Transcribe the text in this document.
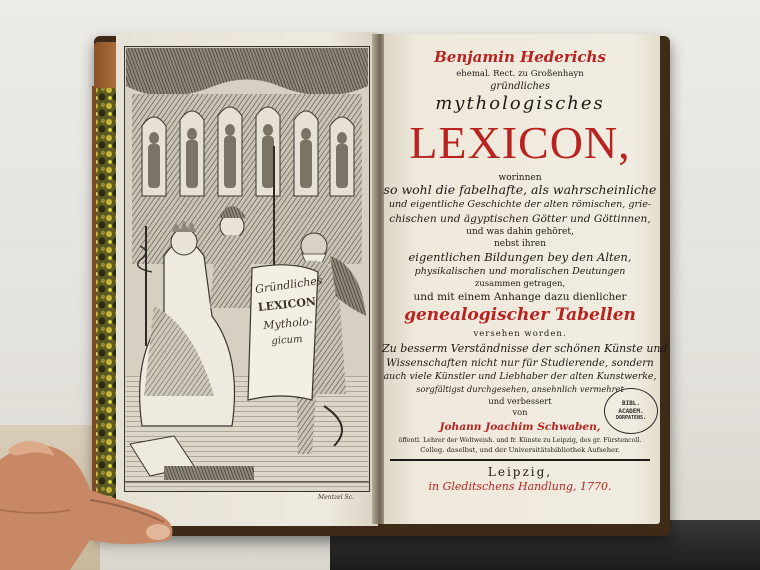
Gründliches
LEXICON
Mytholo-
gicum
Mentzel Sc.
Benjamin Hederichs
ehemal. Rect. zu Großenhayn
gründliches
mythologisches
LEXICON,
worinnen
so wohl die fabelhafte, als wahrscheinliche
und eigentliche Geschichte der alten römischen, grie-
chischen und ägyptischen Götter und Göttinnen,
und was dahin gehöret,
nebst ihren
eigentlichen Bildungen bey den Alten,
physikalischen und moralischen Deutungen
zusammen getragen,
und mit einem Anhange dazu dienlicher
genealogischer Tabellen
versehen worden.
Zu besserm Verständnisse der schönen Künste und
Wissenschaften nicht nur für Studierende, sondern
auch viele Künstler und Liebhaber der alten Kunstwerke,
sorgfältigst durchgesehen, ansehnlich vermehret
und verbessert
von
Johann Joachim Schwaben,
öffentl. Lehrer der Weltweish. und fr. Künste zu Leipzig, des gr. Fürstencoll.
Colleg. daselbst, und der Universitätsbibliothek Aufseher.
Leipzig,
in Gleditschens Handlung, 1770.
BIBL.
ACADEM.
DORPATENS.
